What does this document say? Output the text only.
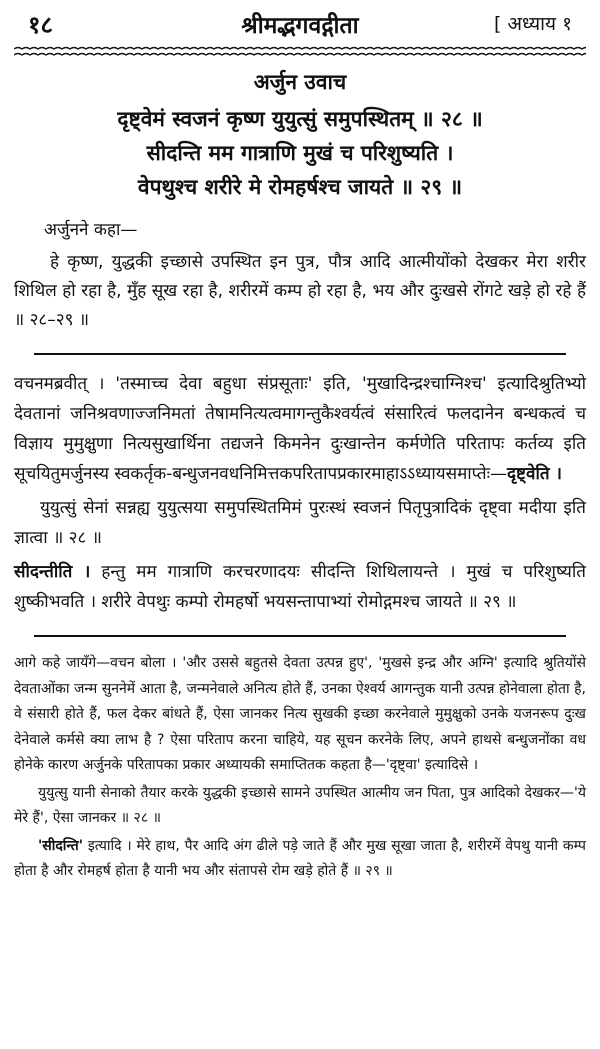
१८	श्रीमद्भगवद्गीता	[ अध्याय १
अर्जुन उवाच
दृष्ट्वेमं स्वजनं कृष्ण युयुत्सुं समुपस्थितम् ॥ २८ ॥
सीदन्ति मम गात्राणि मुखं च परिशुष्यति ।
वेपथुश्च शरीरे मे रोमहर्षश्च जायते ॥ २९ ॥
अर्जुनने कहा—

हे कृष्ण, युद्धकी इच्छासे उपस्थित इन पुत्र, पौत्र आदि आत्मीयोंको देखकर मेरा शरीर शिथिल हो रहा है, मुँह सूख रहा है, शरीरमें कम्प हो रहा है, भय और दुःखसे रोंगटे खड़े हो रहे हैं ॥ २८–२९ ॥

वचनमब्रवीत् । 'तस्माच्च देवा बहुधा संप्रसूताः' इति, 'मुखादिन्द्रश्चाग्निश्च' इत्यादिश्रुतिभ्यो देवतानां जनिश्रवणाज्जनिमतां तेषामनित्यत्वमागन्तुकैश्वर्यत्वं संसारित्वं फलदानेन बन्धकत्वं च विज्ञाय मुमुक्षुणा नित्यसुखार्थिना तद्यजने किमनेन दुःखान्तेन कर्मणेति परितापः कर्तव्य इति सूचयितुमर्जुनस्य स्वकर्तृक-बन्धुजनवधनिमित्तकपरितापप्रकारमाहाऽऽध्यायसमाप्तेः—दृष्ट्वेति ।

युयुत्सुं सेनां सन्नह्य युयुत्सया समुपस्थितमिमं पुरःस्थं स्वजनं पितृपुत्रादिकं दृष्ट्वा मदीया इति ज्ञात्वा ॥ २८ ॥

सीदन्तीति । हन्तु मम गात्राणि करचरणादयः सीदन्ति शिथिलायन्ते । मुखं च परिशुष्यति शुष्कीभवति । शरीरे वेपथुः कम्पो रोमहर्षो भयसन्तापाभ्यां रोमोद्गमश्च जायते ॥ २९ ॥

आगे कहे जायँगे—वचन बोला । 'और उससे बहुतसे देवता उत्पन्न हुए', 'मुखसे इन्द्र और अग्नि' इत्यादि श्रुतियोंसे देवताओंका जन्म सुननेमें आता है, जन्मनेवाले अनित्य होते हैं, उनका ऐश्वर्य आगन्तुक यानी उत्पन्न होनेवाला होता है, वे संसारी होते हैं, फल देकर बांधते हैं, ऐसा जानकर नित्य सुखकी इच्छा करनेवाले मुमुक्षुको उनके यजनरूप दुःख देनेवाले कर्मसे क्या लाभ है ? ऐसा परिताप करना चाहिये, यह सूचन करनेके लिए, अपने हाथसे बन्धुजनोंका वध होनेके कारण अर्जुनके परितापका प्रकार अध्यायकी समाप्तितक कहता है—'दृष्ट्वा' इत्यादिसे ।

युयुत्सु यानी सेनाको तैयार करके युद्धकी इच्छासे सामने उपस्थित आत्मीय जन पिता, पुत्र आदिको देखकर—'ये मेरे हैं', ऐसा जानकर ॥ २८ ॥

'सीदन्ति' इत्यादि । मेरे हाथ, पैर आदि अंग ढीले पड़े जाते हैं और मुख सूखा जाता है, शरीरमें वेपथु यानी कम्प होता है और रोमहर्ष होता है यानी भय और संतापसे रोम खड़े होते हैं ॥ २९ ॥
